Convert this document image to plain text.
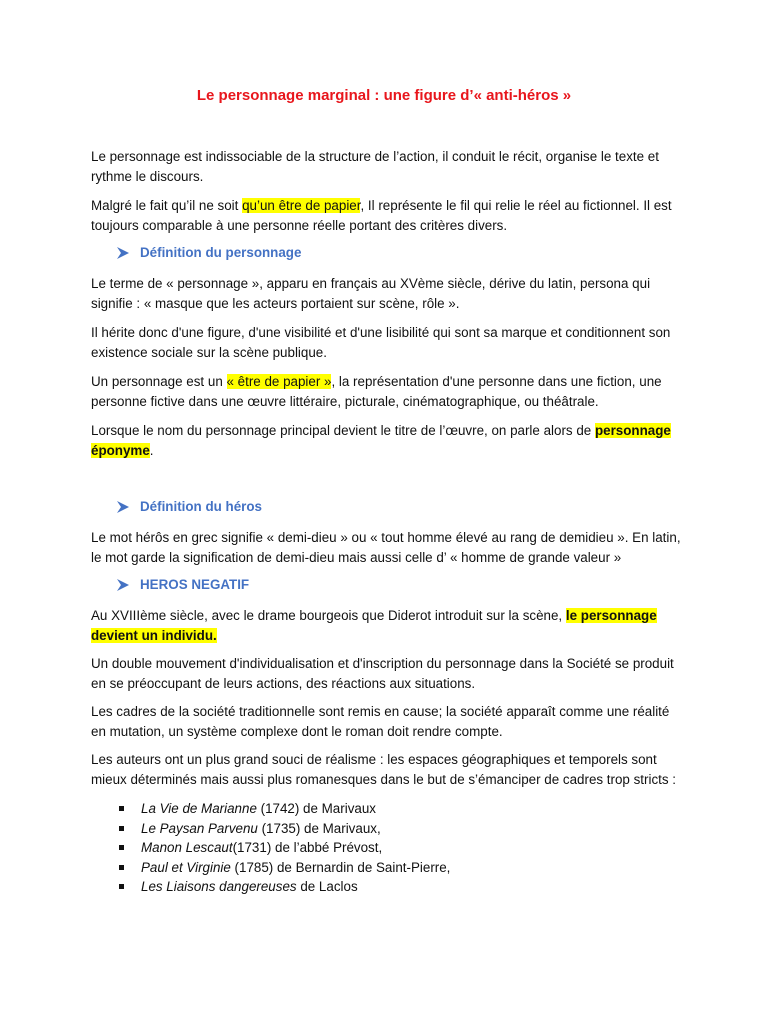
Le personnage marginal : une figure d’« anti-héros »

Le personnage est indissociable de la structure de l’action, il conduit le récit, organise le texte et rythme le discours.

Malgré le fait qu’il ne soit qu’un être de papier, Il représente le fil qui relie le réel au fictionnel. Il est toujours comparable à une personne réelle portant des critères divers.

Définition du personnage

Le terme de « personnage », apparu en français au XVème siècle, dérive du latin, persona qui signifie : « masque que les acteurs portaient sur scène, rôle ».

Il hérite donc d'une figure, d'une visibilité et d'une lisibilité qui sont sa marque et conditionnent son existence sociale sur la scène publique.

Un personnage est un « être de papier », la représentation d'une personne dans une fiction, une personne fictive dans une œuvre littéraire, picturale, cinématographique, ou théâtrale.

Lorsque le nom du personnage principal devient le titre de l’œuvre, on parle alors de personnage éponyme.

Définition du héros

Le mot hérôs en grec signifie « demi-dieu » ou « tout homme élevé au rang de demidieu ». En latin, le mot garde la signification de demi-dieu mais aussi celle d’ « homme de grande valeur »

HEROS NEGATIF

Au XVIIIème siècle, avec le drame bourgeois que Diderot introduit sur la scène, le personnage devient un individu.

Un double mouvement d'individualisation et d'inscription du personnage dans la Société se produit en se préoccupant de leurs actions, des réactions aux situations.

Les cadres de la société traditionnelle sont remis en cause; la société apparaît comme une réalité en mutation, un système complexe dont le roman doit rendre compte.

Les auteurs ont un plus grand souci de réalisme : les espaces géographiques et temporels sont mieux déterminés mais aussi plus romanesques dans le but de s’émanciper de cadres trop stricts :

La Vie de Marianne (1742) de Marivaux
Le Paysan Parvenu (1735) de Marivaux,
Manon Lescaut(1731) de l’abbé Prévost,
Paul et Virginie (1785) de Bernardin de Saint-Pierre,
Les Liaisons dangereuses de Laclos
